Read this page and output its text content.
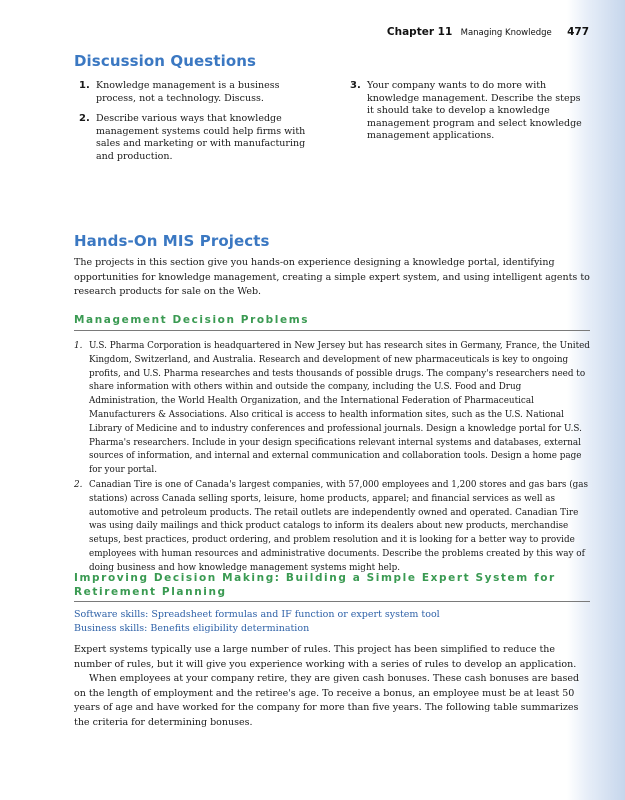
Chapter 11 Managing Knowledge 477
Discussion Questions
1. Knowledge management is a business process, not a technology. Discuss.
2. Describe various ways that knowledge management systems could help firms with sales and marketing or with manufacturing and production.
3. Your company wants to do more with knowledge management. Describe the steps it should take to develop a knowledge management program and select knowledge management applications.
Hands-On MIS Projects

The projects in this section give you hands-on experience designing a knowledge portal, identifying opportunities for knowledge management, creating a simple expert system, and using intelligent agents to research products for sale on the Web.

Management Decision Problems
1. U.S. Pharma Corporation is headquartered in New Jersey but has research sites in Germany, France, the United Kingdom, Switzerland, and Australia. Research and development of new pharmaceuticals is key to ongoing profits, and U.S. Pharma researches and tests thousands of possible drugs. The company's researchers need to share information with others within and outside the company, including the U.S. Food and Drug Administration, the World Health Organization, and the International Federation of Pharmaceutical Manufacturers & Associations. Also critical is access to health information sites, such as the U.S. National Library of Medicine and to industry conferences and professional journals. Design a knowledge portal for U.S. Pharma's researchers. Include in your design specifications relevant internal systems and databases, external sources of information, and internal and external communication and collaboration tools. Design a home page for your portal.
2. Canadian Tire is one of Canada's largest companies, with 57,000 employees and 1,200 stores and gas bars (gas stations) across Canada selling sports, leisure, home products, apparel; and financial services as well as automotive and petroleum products. The retail outlets are independently owned and operated. Canadian Tire was using daily mailings and thick product catalogs to inform its dealers about new products, merchandise setups, best practices, product ordering, and problem resolution and it is looking for a better way to provide employees with human resources and administrative documents. Describe the problems created by this way of doing business and how knowledge management systems might help.
Improving Decision Making: Building a Simple Expert System for Retirement Planning
Software skills: Spreadsheet formulas and IF function or expert system tool
Business skills: Benefits eligibility determination

Expert systems typically use a large number of rules. This project has been simplified to reduce the number of rules, but it will give you experience working with a series of rules to develop an application.
When employees at your company retire, they are given cash bonuses. These cash bonuses are based on the length of employment and the retiree's age. To receive a bonus, an employee must be at least 50 years of age and have worked for the company for more than five years. The following table summarizes the criteria for determining bonuses.
